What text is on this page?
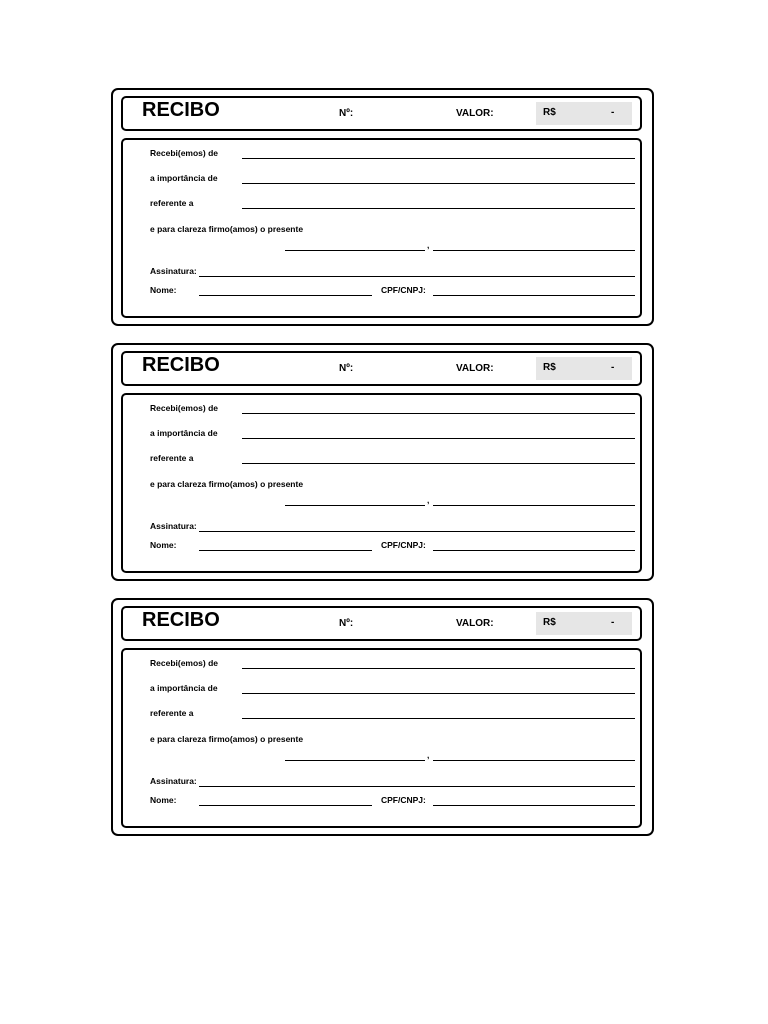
RECIBO	Nº:	VALOR:	R$	-
Recebi(emos) de
a importância de
referente a
e para clareza firmo(amos) o presente
,
Assinatura:
Nome:	CPF/CNPJ:
RECIBO	Nº:	VALOR:	R$	-
Recebi(emos) de
a importância de
referente a
e para clareza firmo(amos) o presente
,
Assinatura:
Nome:	CPF/CNPJ:
RECIBO	Nº:	VALOR:	R$	-
Recebi(emos) de
a importância de
referente a
e para clareza firmo(amos) o presente
,
Assinatura:
Nome:	CPF/CNPJ:
